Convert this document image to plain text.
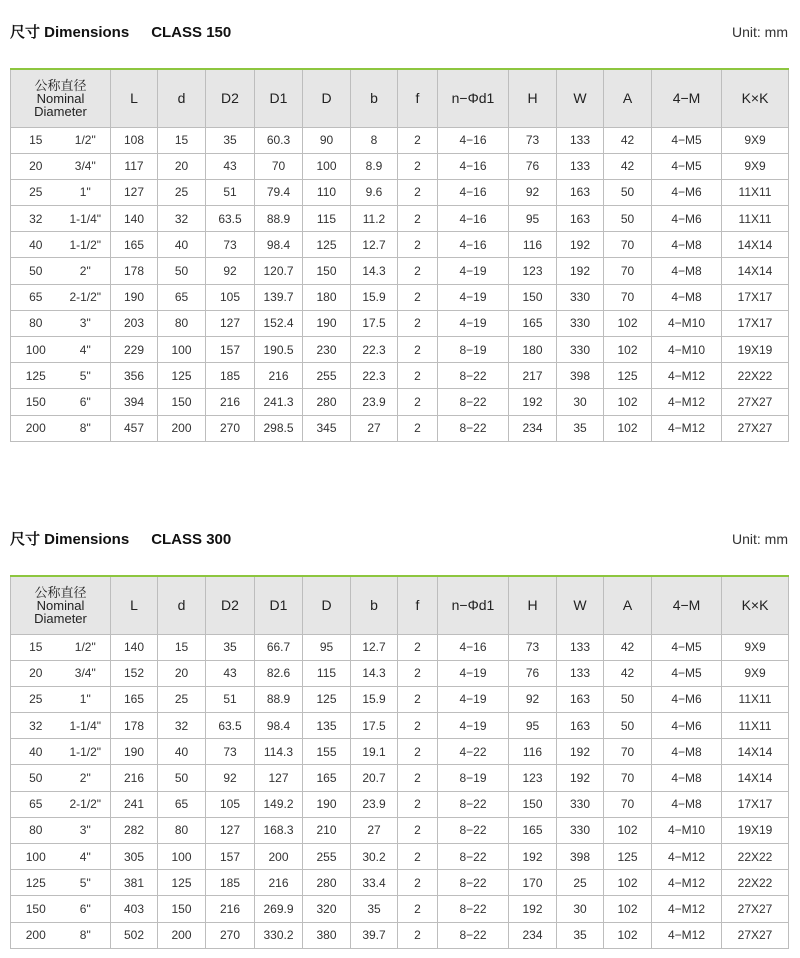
尺寸 Dimensions CLASS 150	Unit: mm
公称直径
Nominal
Diameter		L	d	D2	D1	D	b	f	n−Φd1	H	W	A	4−M	K×K
15	1/2"	108	15	35	60.3	90	8	2	4−16	73	133	42	4−M5	9X9
20	3/4"	117	20	43	70	100	8.9	2	4−16	76	133	42	4−M5	9X9
25	1"	127	25	51	79.4	110	9.6	2	4−16	92	163	50	4−M6	11X11
32	1-1/4"	140	32	63.5	88.9	115	11.2	2	4−16	95	163	50	4−M6	11X11
40	1-1/2"	165	40	73	98.4	125	12.7	2	4−16	116	192	70	4−M8	14X14
50	2"	178	50	92	120.7	150	14.3	2	4−19	123	192	70	4−M8	14X14
65	2-1/2"	190	65	105	139.7	180	15.9	2	4−19	150	330	70	4−M8	17X17
80	3"	203	80	127	152.4	190	17.5	2	4−19	165	330	102	4−M10	17X17
100	4"	229	100	157	190.5	230	22.3	2	8−19	180	330	102	4−M10	19X19
125	5"	356	125	185	216	255	22.3	2	8−22	217	398	125	4−M12	22X22
150	6"	394	150	216	241.3	280	23.9	2	8−22	192	30	102	4−M12	27X27
200	8"	457	200	270	298.5	345	27	2	8−22	234	35	102	4−M12	27X27
尺寸 Dimensions CLASS 300	Unit: mm
公称直径
Nominal
Diameter		L	d	D2	D1	D	b	f	n−Φd1	H	W	A	4−M	K×K
15	1/2"	140	15	35	66.7	95	12.7	2	4−16	73	133	42	4−M5	9X9
20	3/4"	152	20	43	82.6	115	14.3	2	4−19	76	133	42	4−M5	9X9
25	1"	165	25	51	88.9	125	15.9	2	4−19	92	163	50	4−M6	11X11
32	1-1/4"	178	32	63.5	98.4	135	17.5	2	4−19	95	163	50	4−M6	11X11
40	1-1/2"	190	40	73	114.3	155	19.1	2	4−22	116	192	70	4−M8	14X14
50	2"	216	50	92	127	165	20.7	2	8−19	123	192	70	4−M8	14X14
65	2-1/2"	241	65	105	149.2	190	23.9	2	8−22	150	330	70	4−M8	17X17
80	3"	282	80	127	168.3	210	27	2	8−22	165	330	102	4−M10	19X19
100	4"	305	100	157	200	255	30.2	2	8−22	192	398	125	4−M12	22X22
125	5"	381	125	185	216	280	33.4	2	8−22	170	25	102	4−M12	22X22
150	6"	403	150	216	269.9	320	35	2	8−22	192	30	102	4−M12	27X27
200	8"	502	200	270	330.2	380	39.7	2	8−22	234	35	102	4−M12	27X27
